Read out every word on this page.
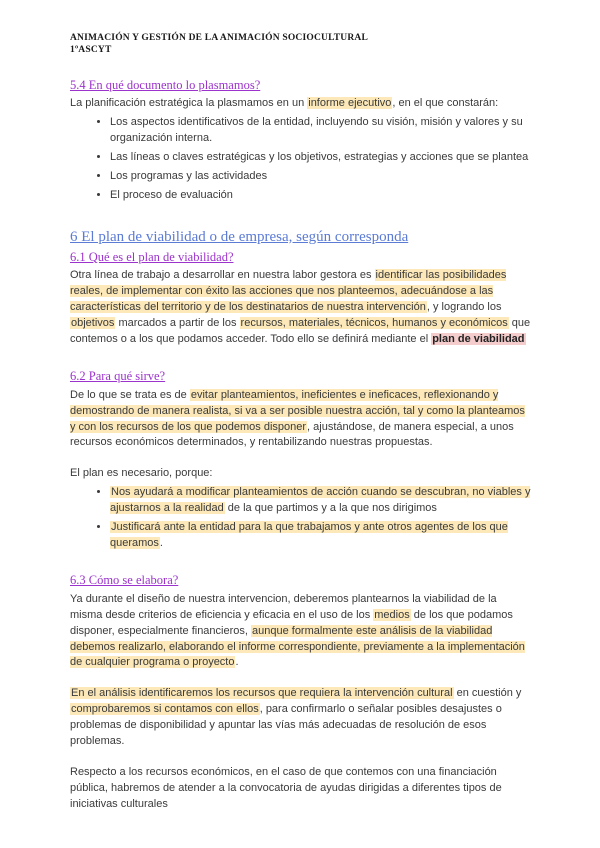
ANIMACIÓN Y GESTIÓN DE LA ANIMACIÓN SOCIOCULTURAL
1ºASCYT
5.4 En qué documento lo plasmamos?

La planificación estratégica la plasmamos en un informe ejecutivo, en el que constarán:

• Los aspectos identificativos de la entidad, incluyendo su visión, misión y valores y su organización interna.
• Las líneas o claves estratégicas y los objetivos, estrategias y acciones que se plantea
• Los programas y las actividades
• El proceso de evaluación
6 El plan de viabilidad o de empresa, según corresponda
6.1 Qué es el plan de viabilidad?

Otra línea de trabajo a desarrollar en nuestra labor gestora es identificar las posibilidades reales, de implementar con éxito las acciones que nos planteemos, adecuándose a las características del territorio y de los destinatarios de nuestra intervención, y logrando los objetivos marcados a partir de los recursos, materiales, técnicos, humanos y económicos que contemos o a los que podamos acceder. Todo ello se definirá mediante el plan de viabilidad

6.2 Para qué sirve?

De lo que se trata es de evitar planteamientos, ineficientes e ineficaces, reflexionando y demostrando de manera realista, si va a ser posible nuestra acción, tal y como la planteamos y con los recursos de los que podemos disponer, ajustándose, de manera especial, a unos recursos económicos determinados, y rentabilizando nuestras propuestas.

El plan es necesario, porque:

• Nos ayudará a modificar planteamientos de acción cuando se descubran, no viables y ajustarnos a la realidad de la que partimos y a la que nos dirigimos
• Justificará ante la entidad para la que trabajamos y ante otros agentes de los que queramos.
6.3 Cómo se elabora?

Ya durante el diseño de nuestra intervencion, deberemos plantearnos la viabilidad de la misma desde criterios de eficiencia y eficacia en el uso de los medios de los que podamos disponer, especialmente financieros, aunque formalmente este análisis de la viabilidad debemos realizarlo, elaborando el informe correspondiente, previamente a la implementación de cualquier programa o proyecto.

En el análisis identificaremos los recursos que requiera la intervención cultural en cuestión y comprobaremos si contamos con ellos, para confirmarlo o señalar posibles desajustes o problemas de disponibilidad y apuntar las vías más adecuadas de resolución de esos problemas.

Respecto a los recursos económicos, en el caso de que contemos con una financiación pública, habremos de atender a la convocatoria de ayudas dirigidas a diferentes tipos de iniciativas culturales
